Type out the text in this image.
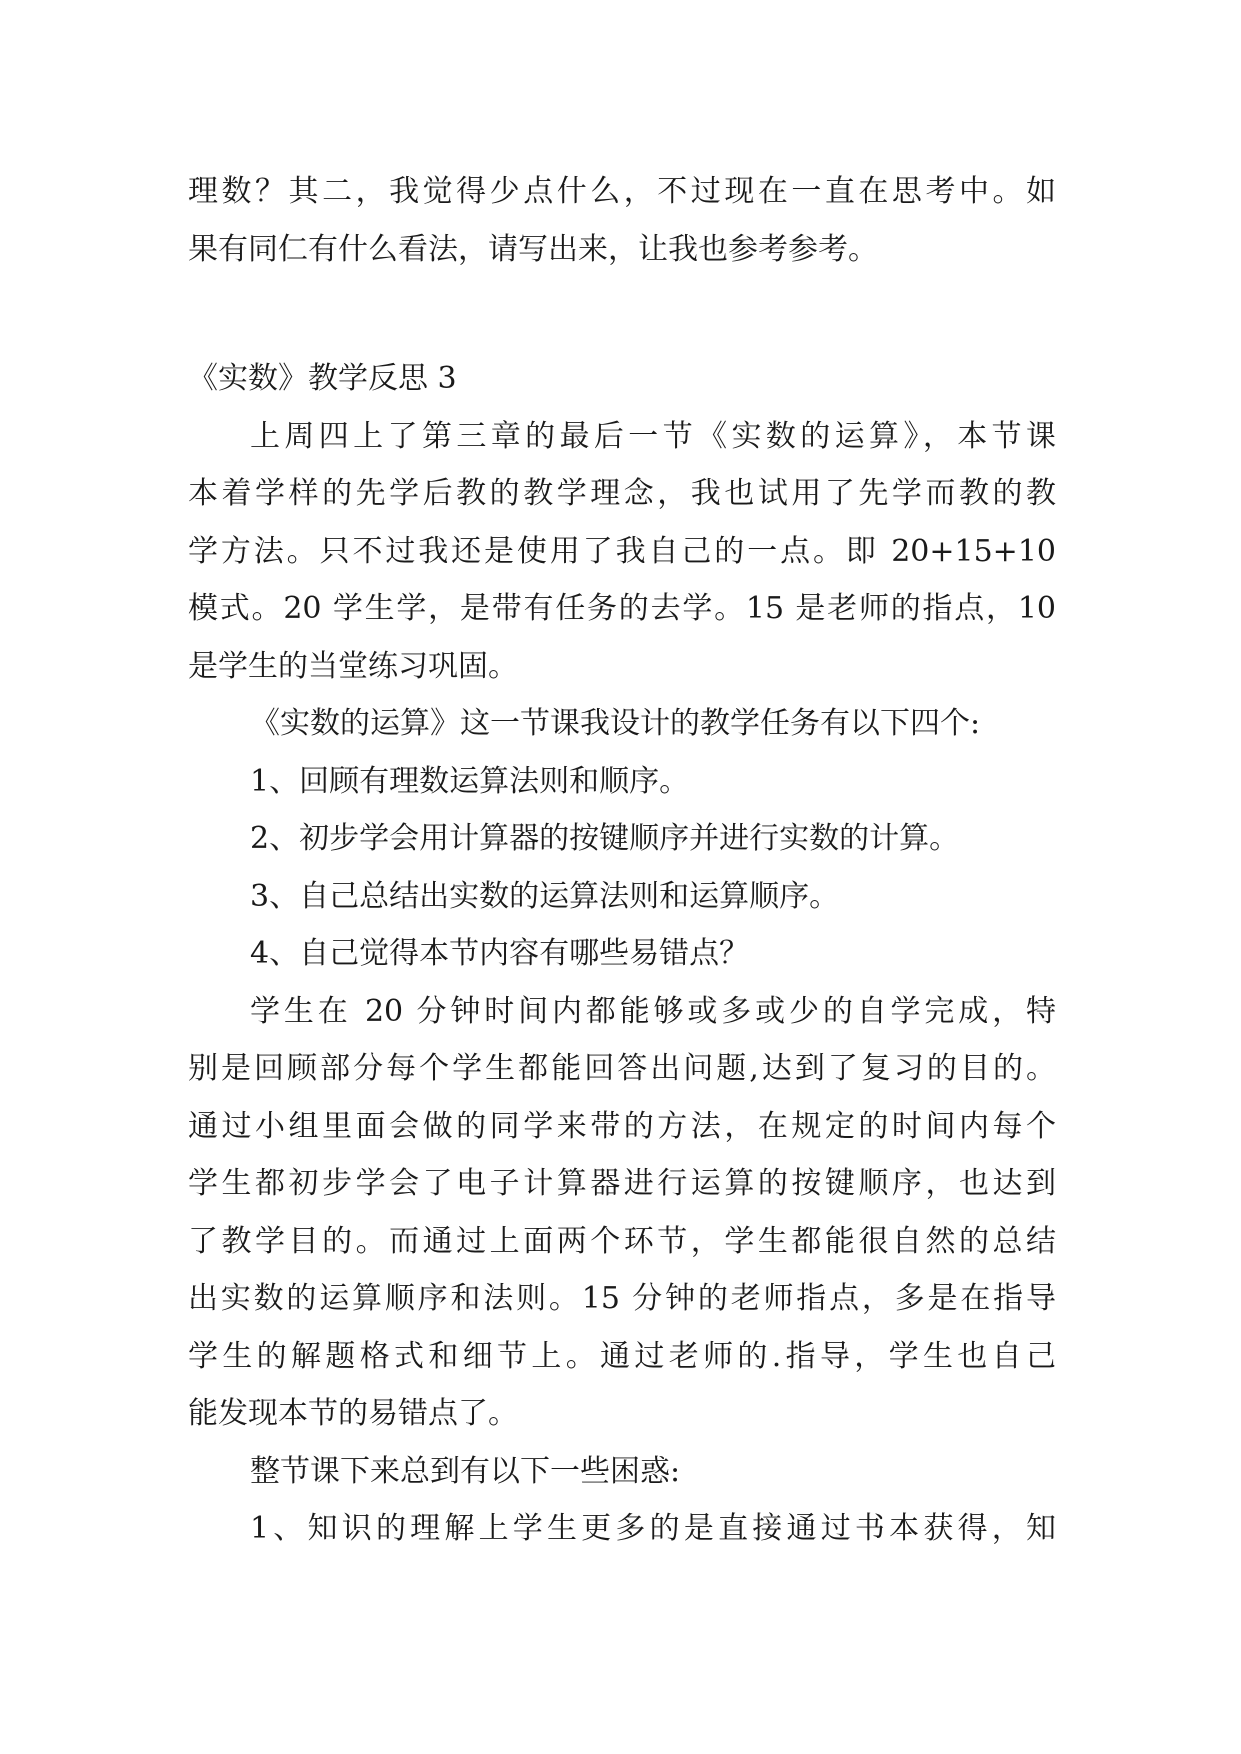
理数？其二，我觉得少点什么，不过现在一直在思考中。如
果有同仁有什么看法，请写出来，让我也参考参考。
《实数》教学反思 3
上周四上了第三章的最后一节《实数的运算》，本节课
本着学样的先学后教的教学理念，我也试用了先学而教的教
学方法。只不过我还是使用了我自己的一点。即 20+15+10
模式。20 学生学，是带有任务的去学。15 是老师的指点，10
是学生的当堂练习巩固。
《实数的运算》这一节课我设计的教学任务有以下四个:
1、回顾有理数运算法则和顺序。
2、初步学会用计算器的按键顺序并进行实数的计算。
3、自己总结出实数的运算法则和运算顺序。
4、自己觉得本节内容有哪些易错点？
学生在 20 分钟时间内都能够或多或少的自学完成，特
别是回顾部分每个学生都能回答出问题,达到了复习的目的。
通过小组里面会做的同学来带的方法，在规定的时间内每个
学生都初步学会了电子计算器进行运算的按键顺序，也达到
了教学目的。而通过上面两个环节，学生都能很自然的总结
出实数的运算顺序和法则。15 分钟的老师指点，多是在指导
学生的解题格式和细节上。通过老师的.指导，学生也自己
能发现本节的易错点了。
整节课下来总到有以下一些困惑:
1、知识的理解上学生更多的是直接通过书本获得，知
